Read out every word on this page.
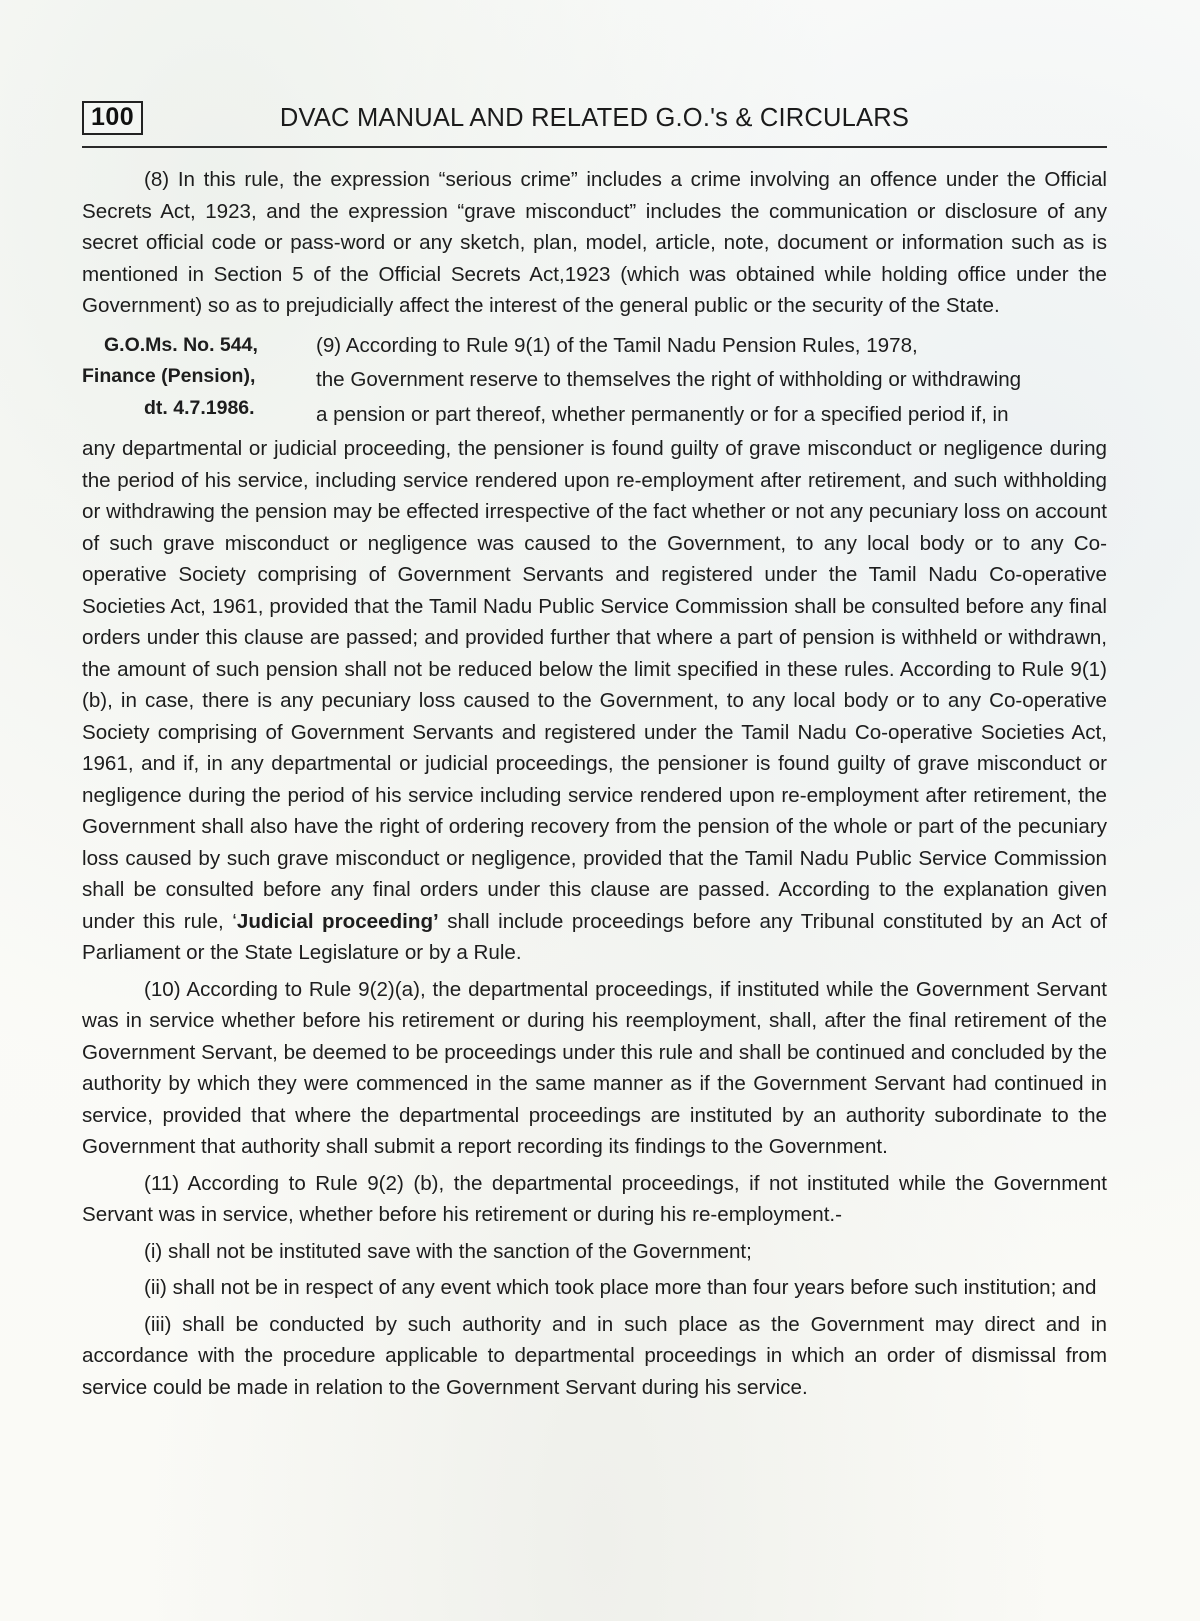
100	DVAC MANUAL AND RELATED G.O.'s & CIRCULARS

(8) In this rule, the expression “serious crime” includes a crime involving an offence under the Official Secrets Act, 1923, and the expression “grave misconduct” includes the communication or disclosure of any secret official code or pass-word or any sketch, plan, model, article, note, document or information such as is mentioned in Section 5 of the Official Secrets Act,1923 (which was obtained while holding office under the Government) so as to prejudicially affect the interest of the general public or the security of the State.

G.O.Ms. No. 544,
Finance (Pension),
dt. 4.7.1986.

(9) According to Rule 9(1) of the Tamil Nadu Pension Rules, 1978,

the Government reserve to themselves the right of withholding or withdrawing

a pension or part thereof, whether permanently or for a specified period if, in

any departmental or judicial proceeding, the pensioner is found guilty of grave misconduct or negligence during the period of his service, including service rendered upon re-employment after retirement, and such withholding or withdrawing the pension may be effected irrespective of the fact whether or not any pecuniary loss on account of such grave misconduct or negligence was caused to the Government, to any local body or to any Co-operative Society comprising of Government Servants and registered under the Tamil Nadu Co-operative Societies Act, 1961, provided that the Tamil Nadu Public Service Commission shall be consulted before any final orders under this clause are passed; and provided further that where a part of pension is withheld or withdrawn, the amount of such pension shall not be reduced below the limit specified in these rules. According to Rule 9(1) (b), in case, there is any pecuniary loss caused to the Government, to any local body or to any Co-operative Society comprising of Government Servants and registered under the Tamil Nadu Co-operative Societies Act, 1961, and if, in any departmental or judicial proceedings, the pensioner is found guilty of grave misconduct or negligence during the period of his service including service rendered upon re-employment after retirement, the Government shall also have the right of ordering recovery from the pension of the whole or part of the pecuniary loss caused by such grave misconduct or negligence, provided that the Tamil Nadu Public Service Commission shall be consulted before any final orders under this clause are passed. According to the explanation given under this rule, ‘Judicial proceeding’ shall include proceedings before any Tribunal constituted by an Act of Parliament or the State Legislature or by a Rule.

(10) According to Rule 9(2)(a), the departmental proceedings, if instituted while the Government Servant was in service whether before his retirement or during his reemployment, shall, after the final retirement of the Government Servant, be deemed to be proceedings under this rule and shall be continued and concluded by the authority by which they were commenced in the same manner as if the Government Servant had continued in service, provided that where the departmental proceedings are instituted by an authority subordinate to the Government that authority shall submit a report recording its findings to the Government.

(11) According to Rule 9(2) (b), the departmental proceedings, if not instituted while the Government Servant was in service, whether before his retirement or during his re-employment.-

(i) shall not be instituted save with the sanction of the Government;

(ii) shall not be in respect of any event which took place more than four years before such institution; and

(iii) shall be conducted by such authority and in such place as the Government may direct and in accordance with the procedure applicable to departmental proceedings in which an order of dismissal from service could be made in relation to the Government Servant during his service.
